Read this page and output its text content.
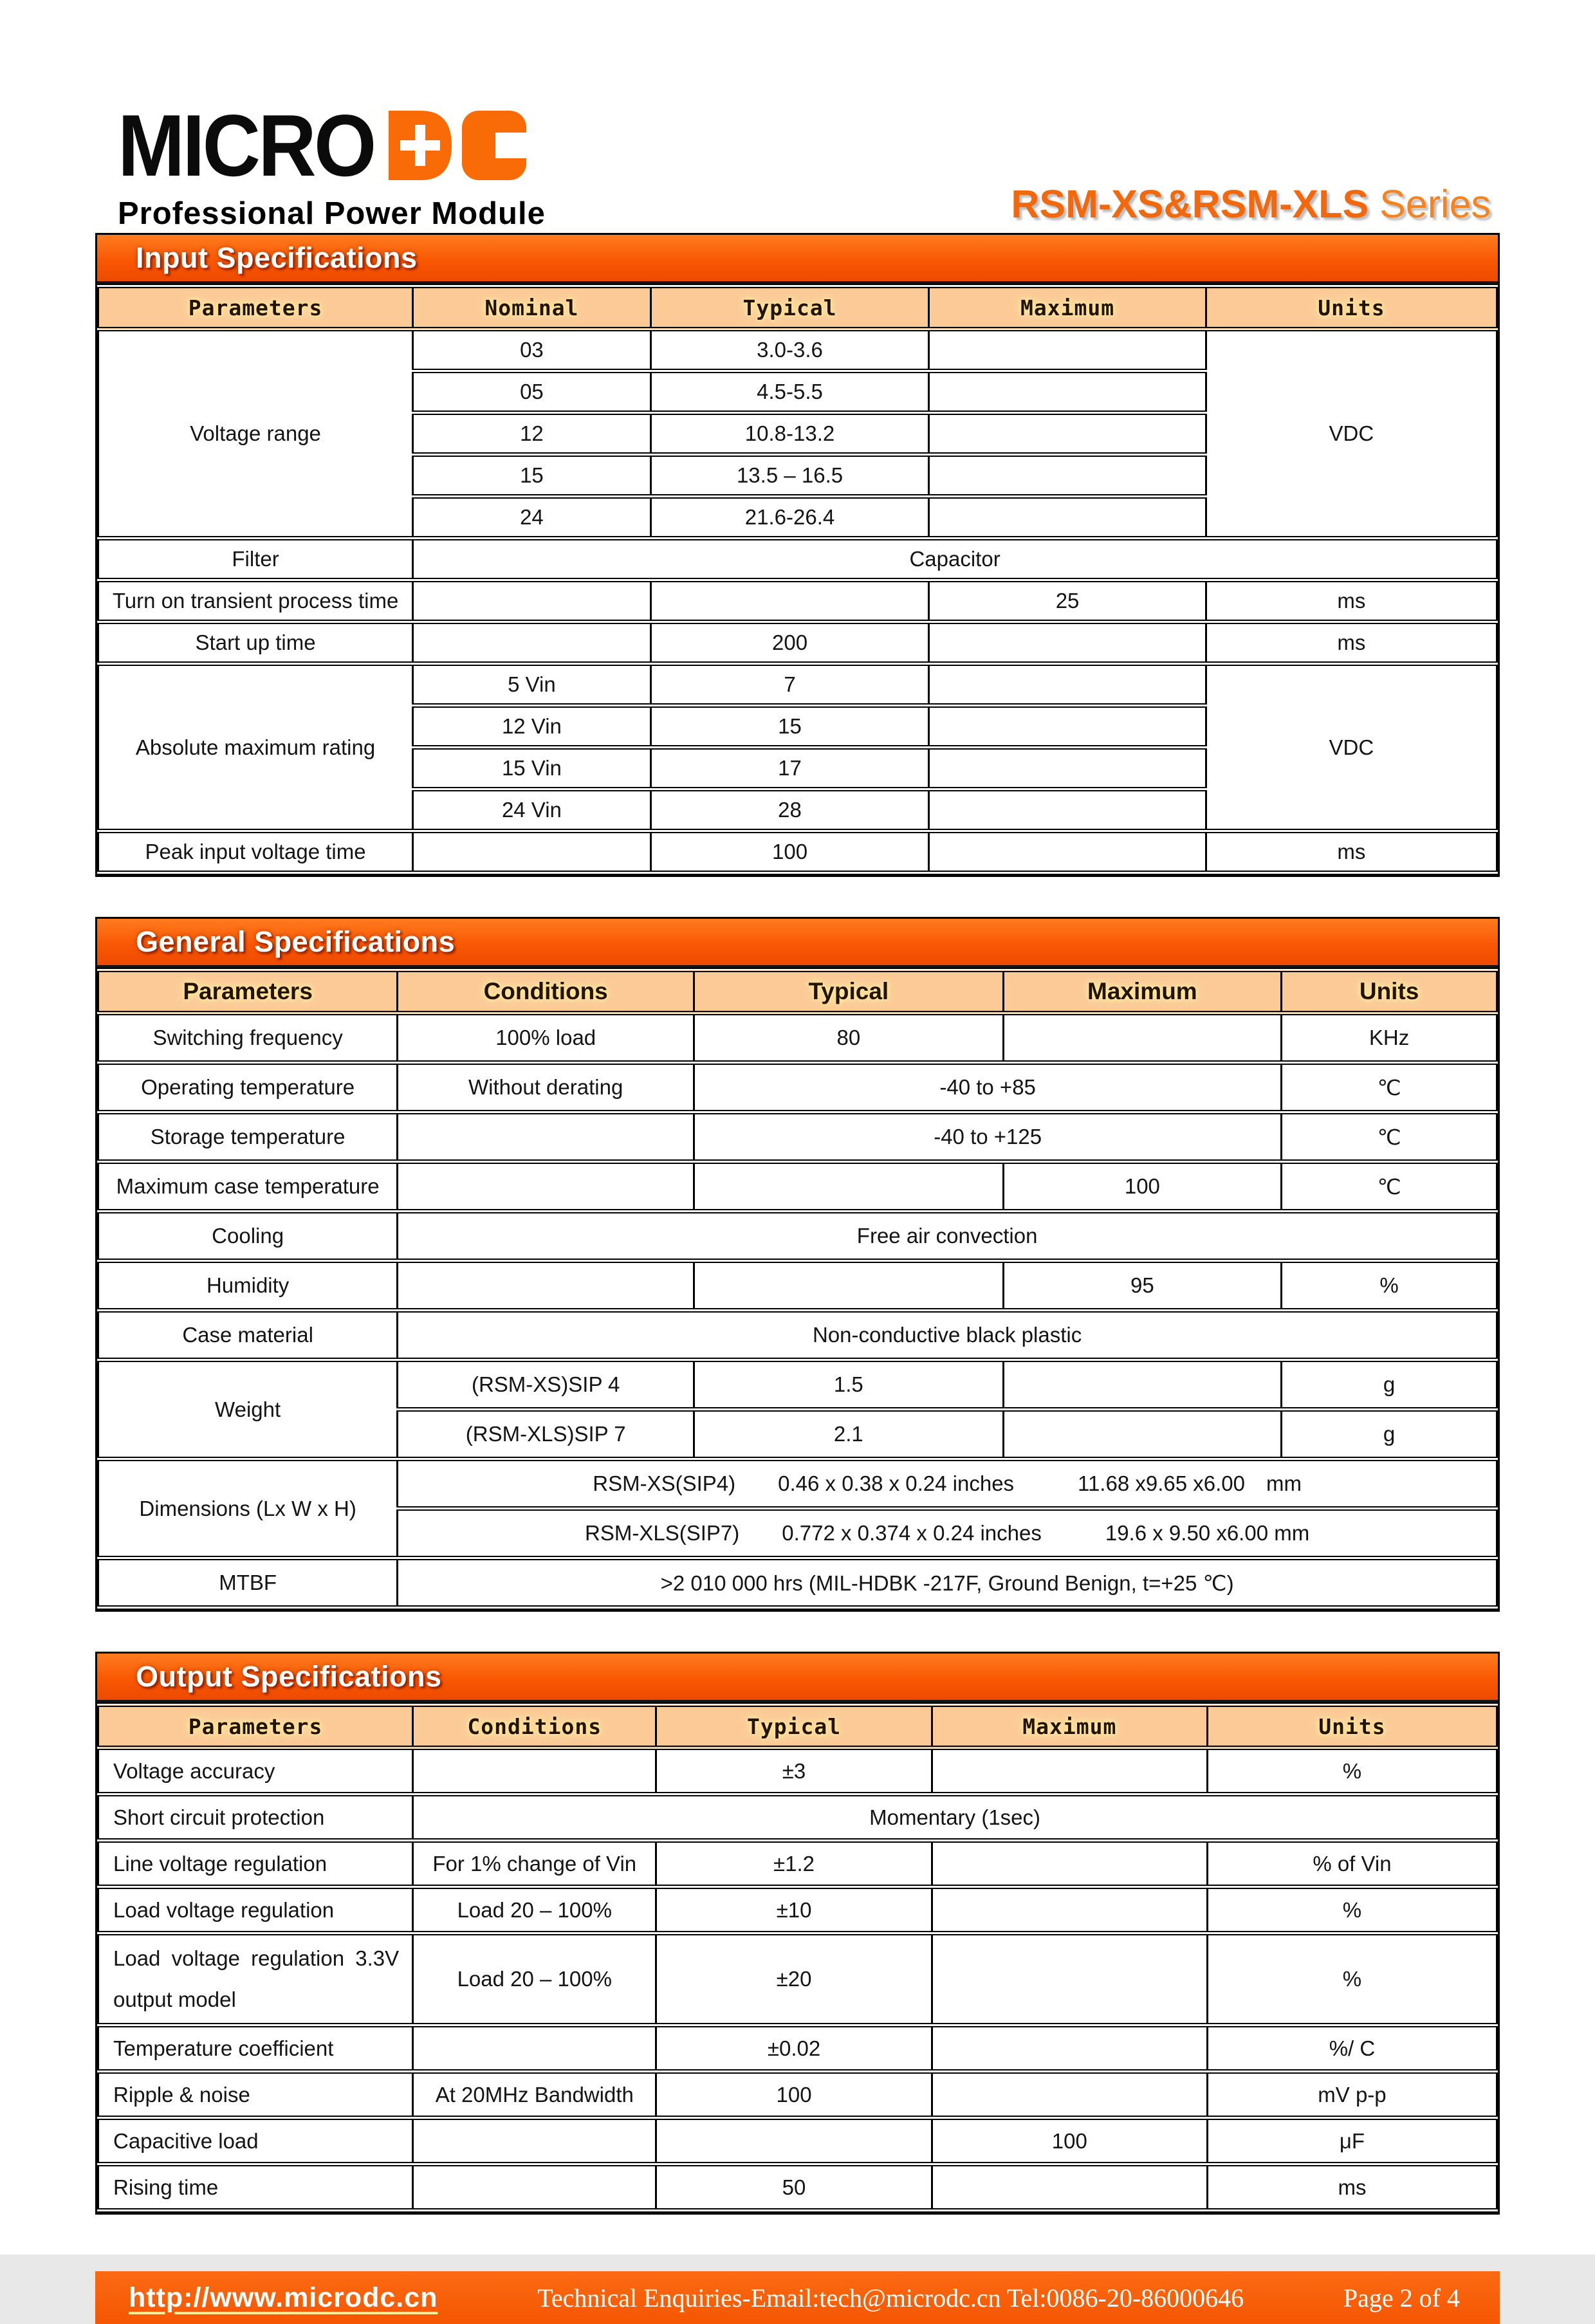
MICRO
Professional Power Module	RSM-XS&RSM-XLS Series
Input Specifications
Parameters	Nominal	Typical	Maximum	Units
Voltage range	03	3.0-3.6		VDC
	05	4.5-5.5		
	12	10.8-13.2		
	15	13.5 – 16.5		
	24	21.6-26.4		
Filter	Capacitor			
Turn on transient process time			25	ms
Start up time		200		ms
Absolute maximum rating	5 Vin	7		VDC
	12 Vin	15		
	15 Vin	17		
	24 Vin	28		
Peak input voltage time		100		ms
General Specifications
Parameters	Conditions	Typical	Maximum	Units
Switching frequency	100% load	80		KHz
Operating temperature	Without derating	-40 to +85		℃
Storage temperature		-40 to +125		℃
Maximum case temperature			100	℃
Cooling	Free air convection			
Humidity			95	%
Case material	Non-conductive black plastic			
Weight	(RSM-XS)SIP 4	1.5		g
	(RSM-XLS)SIP 7	2.1		g
Dimensions (Lx W x H)	RSM-XS(SIP4)  0.46 x 0.38 x 0.24 inches   11.68 x9.65 x6.00 mm			
	RSM-XLS(SIP7)  0.772 x 0.374 x 0.24 inches   19.6 x 9.50 x6.00 mm			
MTBF	>2 010 000 hrs (MIL-HDBK -217F, Ground Benign, t=+25 ℃)			
Output Specifications
Parameters	Conditions	Typical	Maximum	Units
Voltage accuracy		±3		%
Short circuit protection	Momentary (1sec)			
Line voltage regulation	For 1% change of Vin	±1.2		% of Vin
Load voltage regulation	Load 20 – 100%	±10		%
Load voltage regulation 3.3V output model	Load 20 – 100%	±20		%
Temperature coefficient		±0.02		%/ C
Ripple & noise	At 20MHz Bandwidth	100		mV p-p
Capacitive load			100	μF
Rising time		50		ms
http://www.microdc.cn	Technical Enquiries-Email:tech@microdc.cn Tel:0086-20-86000646	Page 2 of 4
